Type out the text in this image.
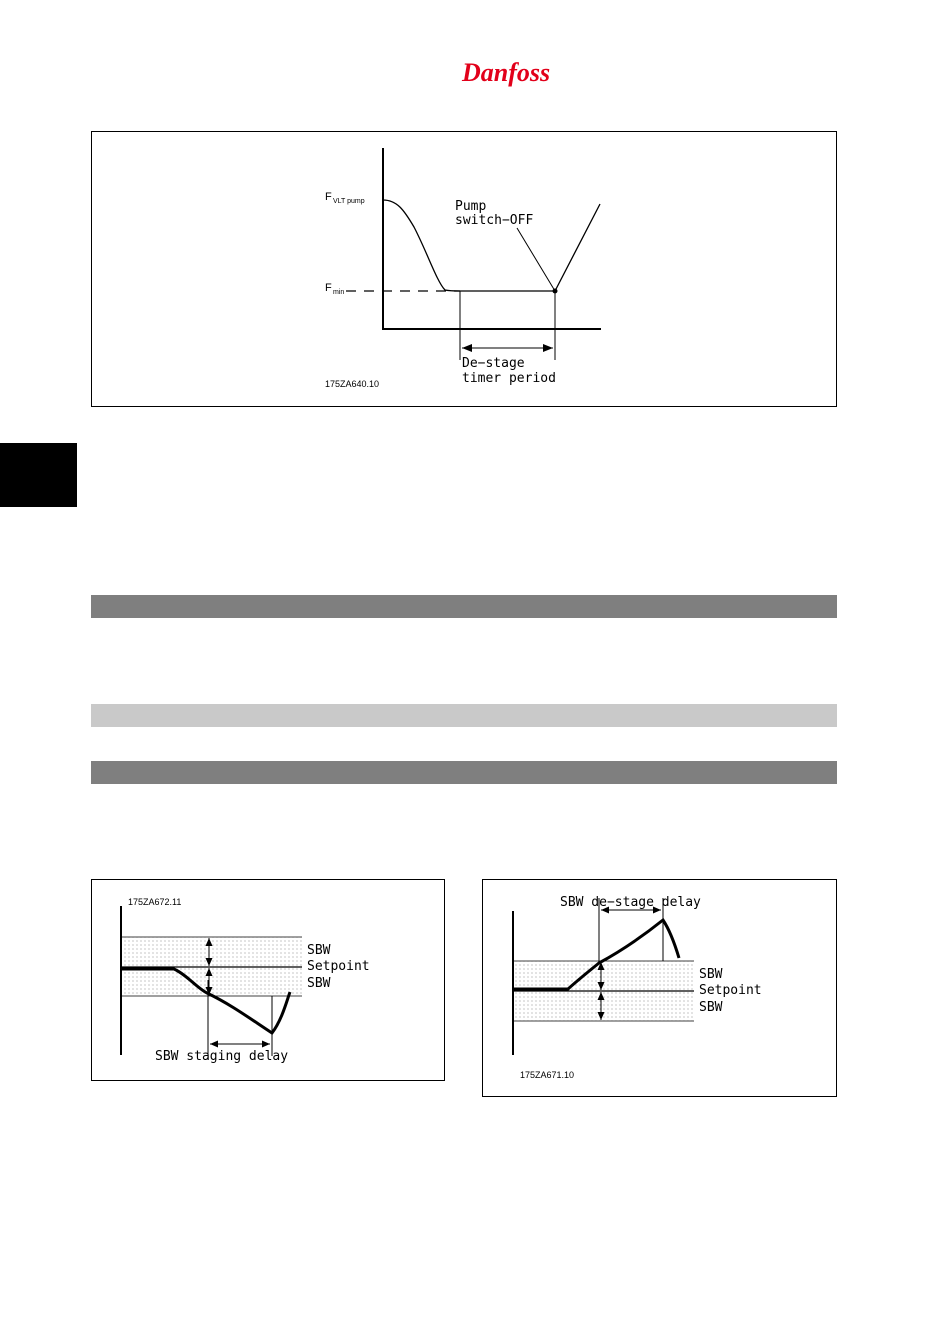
Danfoss
F VLT pump
F min
Pump
switch−OFF
De−stage
timer period
175ZA640.10
SBW
Setpoint
SBW
SBW staging delay
175ZA672.11
SBW
Setpoint
SBW
SBW de−stage delay
175ZA671.10
